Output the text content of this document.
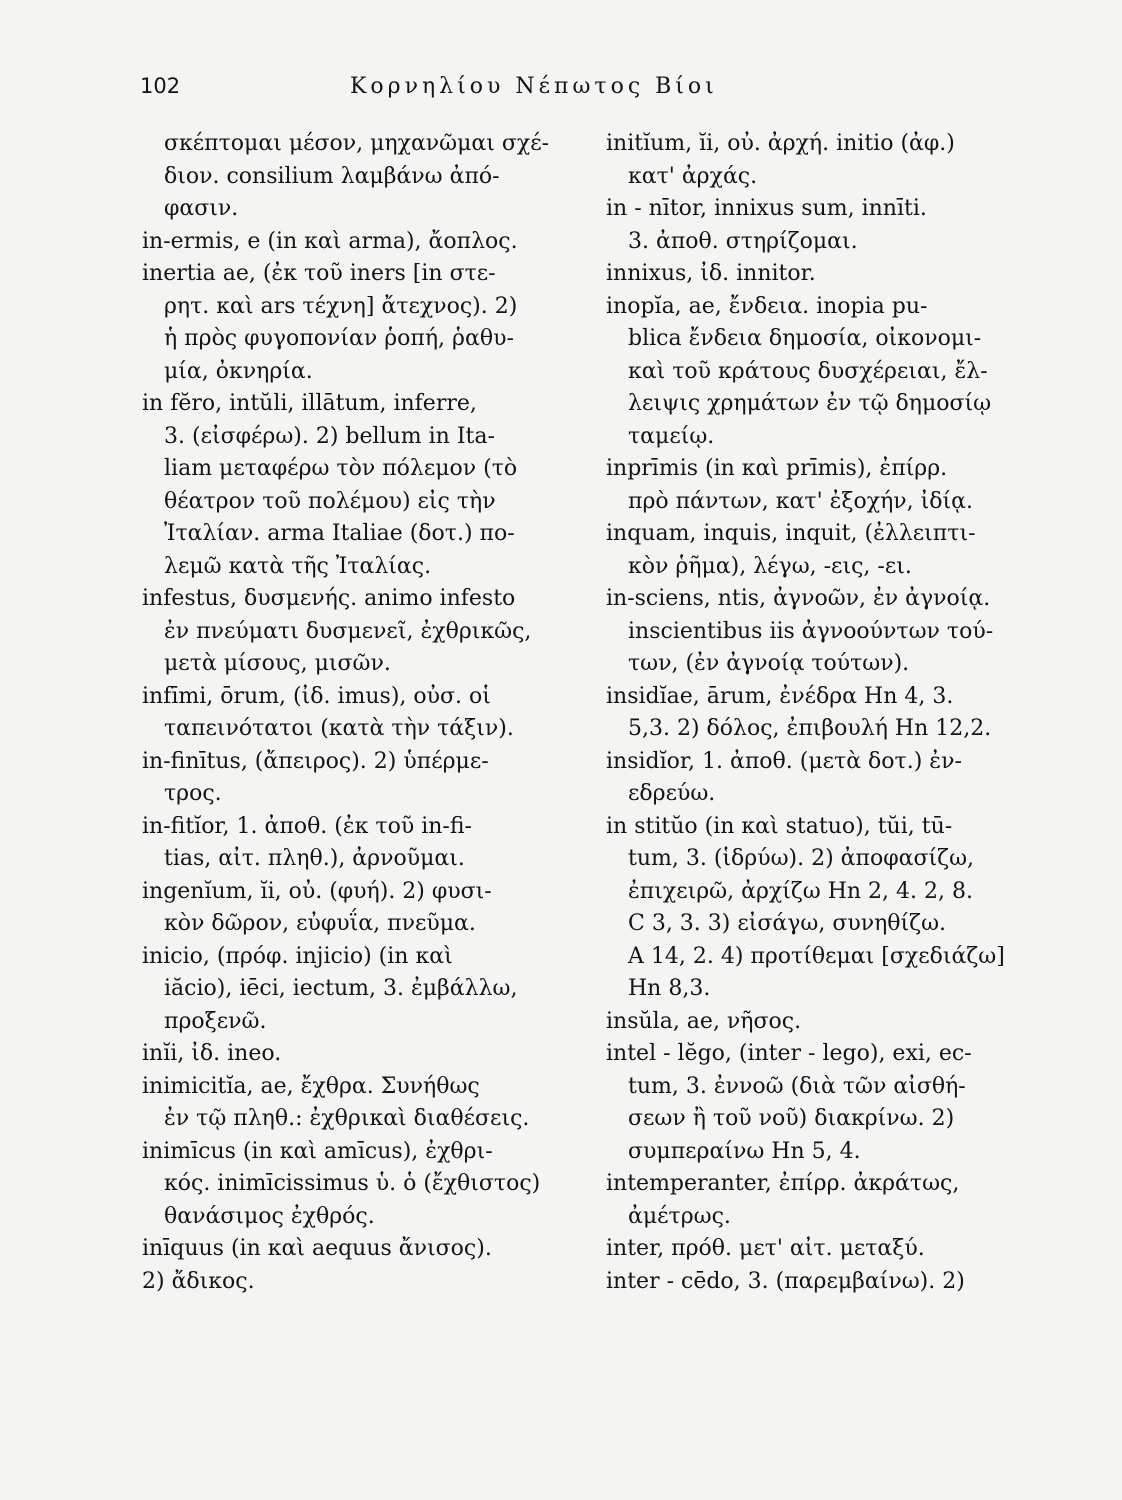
102	Κορνηλίου Νέπωτος Βίοι
σκέπτομαι μέσον, μηχανῶμαι σχέ-
διον. consilium λαμβάνω ἀπό-
φασιν.
in-ermis, e (in καὶ arma), ἄοπλος.
inertia ae, (ἐκ τοῦ iners [in στε-
ρητ. καὶ ars τέχνη] ἄτεχνος). 2)
ἡ πρὸς φυγοπονίαν ῥοπή, ῥαθυ-
μία, ὀκνηρία.
in fĕro, intŭli, illātum, inferre,
3. (εἰσφέρω). 2) bellum in Ita-
liam μεταφέρω τὸν πόλεμον (τὸ
θέατρον τοῦ πολέμου) εἰς τὴν
Ἰταλίαν. arma Italiae (δοτ.) πο-
λεμῶ κατὰ τῆς Ἰταλίας.
infestus, δυσμενής. animo infesto
ἐν πνεύματι δυσμενεῖ, ἐχθρικῶς,
μετὰ μίσους, μισῶν.
infīmi, ōrum, (ἰδ. imus), οὐσ. οἱ
ταπεινότατοι (κατὰ τὴν τάξιν).
in-finītus, (ἄπειρος). 2) ὑπέρμε-
τρος.
in-fitĭor, 1. ἀποθ. (ἐκ τοῦ in-fi-
tias, αἰτ. πληθ.), ἀρνοῦμαι.
ingenĭum, ĭi, οὐ. (φυή). 2) φυσι-
κὸν δῶρον, εὐφυΐα, πνεῦμα.
inicio, (πρόφ. injicio) (in καὶ
iăcio), iēci, iectum, 3. ἐμβάλλω,
προξενῶ.
inĭi, ἰδ. ineo.
inimicitĭa, ae, ἔχθρα. Συνήθως
ἐν τῷ πληθ.: ἐχθρικαὶ διαθέσεις.
inimīcus (in καὶ amīcus), ἐχθρι-
κός. inimīcissimus ὑ. ὁ (ἔχθιστος)
θανάσιμος ἐχθρός.
inīquus (in καὶ aequus ἄνισος).
2) ἄδικος.
initĭum, ĭi, οὐ. ἀρχή. initio (ἀφ.)
κατ' ἀρχάς.
in - nītor, innixus sum, innīti.
3. ἀποθ. στηρίζομαι.
innixus, ἰδ. innitor.
inopĭa, ae, ἔνδεια. inopia pu-
blica ἔνδεια δημοσία, οἰκονομι-
καὶ τοῦ κράτους δυσχέρειαι, ἔλ-
λειψις χρημάτων ἐν τῷ δημοσίῳ
ταμείῳ.
inprīmis (in καὶ prīmis), ἐπίρρ.
πρὸ πάντων, κατ' ἐξοχήν, ἰδίᾳ.
inquam, inquis, inquit, (ἐλλειπτι-
κὸν ῥῆμα), λέγω, -εις, -ει.
in-sciens, ntis, ἀγνοῶν, ἐν ἀγνοίᾳ.
inscientibus iis ἀγνοούντων τού-
των, (ἐν ἀγνοίᾳ τούτων).
insidĭae, ārum, ἐνέδρα Hn 4, 3.
5,3. 2) δόλος, ἐπιβουλή Hn 12,2.
insidĭor, 1. ἀποθ. (μετὰ δοτ.) ἐν-
εδρεύω.
in stitŭo (in καὶ statuo), tŭi, tū-
tum, 3. (ἱδρύω). 2) ἀποφασίζω,
ἐπιχειρῶ, ἀρχίζω Hn 2, 4. 2, 8.
C 3, 3. 3) εἰσάγω, συνηθίζω.
A 14, 2. 4) προτίθεμαι [σχεδιάζω]
Hn 8,3.
insŭla, ae, νῆσος.
intel - lĕgo, (inter - lego), exi, ec-
tum, 3. ἐννοῶ (διὰ τῶν αἰσθή-
σεων ἢ τοῦ νοῦ) διακρίνω. 2)
συμπεραίνω Hn 5, 4.
intemperanter, ἐπίρρ. ἀκράτως,
ἀμέτρως.
inter, πρόθ. μετ' αἰτ. μεταξύ.
inter - cēdo, 3. (παρεμβαίνω). 2)
